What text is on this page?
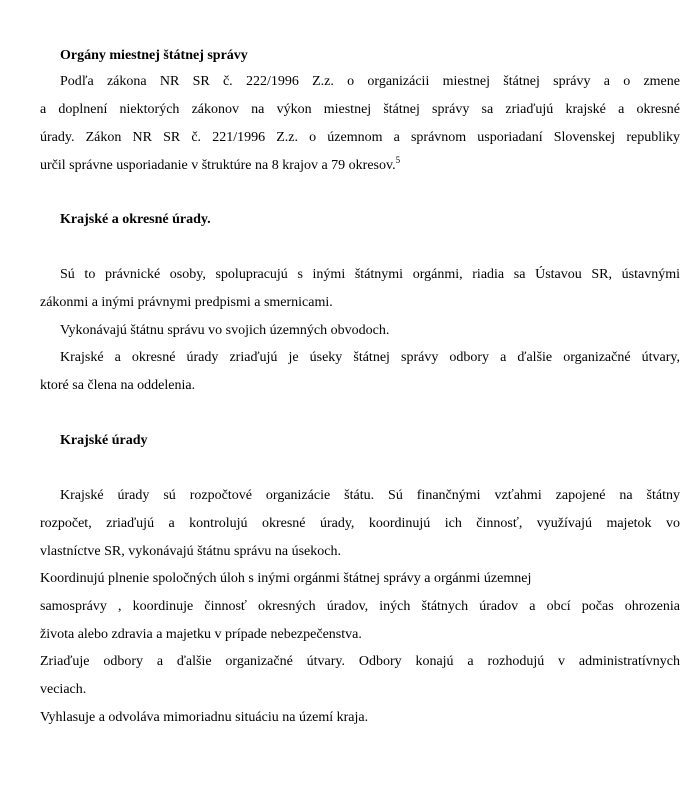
Orgány miestnej štátnej správy
Podľa zákona NR SR č. 222/1996 Z.z. o organizácii miestnej štátnej správy a o zmene
a doplnení niektorých zákonov na výkon miestnej štátnej správy sa zriaďujú krajské a okresné
úrady. Zákon NR SR č. 221/1996 Z.z. o územnom a správnom usporiadaní Slovenskej republiky
určil správne usporiadanie v štruktúre na 8 krajov a 79 okresov.$^5$
Krajské a okresné úrady.
Sú to právnické osoby, spolupracujú s inými štátnymi orgánmi, riadia sa Ústavou SR, ústavnými
zákonmi a inými právnymi predpismi a smernicami.
Vykonávajú štátnu správu vo svojich územných obvodoch.
Krajské a okresné úrady zriaďujú je úseky štátnej správy odbory a ďalšie organizačné útvary,
ktoré sa člena na oddelenia.
Krajské úrady
Krajské úrady sú rozpočtové organizácie štátu. Sú finančnými vzťahmi zapojené na štátny
rozpočet, zriaďujú a kontrolujú okresné úrady, koordinujú ich činnosť, využívajú majetok vo
vlastníctve SR, vykonávajú štátnu správu na úsekoch.
Koordinujú plnenie spoločných úloh s inými orgánmi štátnej správy a orgánmi územnej
samosprávy , koordinuje činnosť okresných úradov, iných štátnych úradov a obcí počas ohrozenia
života alebo zdravia a majetku v prípade nebezpečenstva.
Zriaďuje odbory a ďalšie organizačné útvary. Odbory konajú a rozhodujú v administratívnych
veciach.
Vyhlasuje a odvoláva mimoriadnu situáciu na území kraja.
